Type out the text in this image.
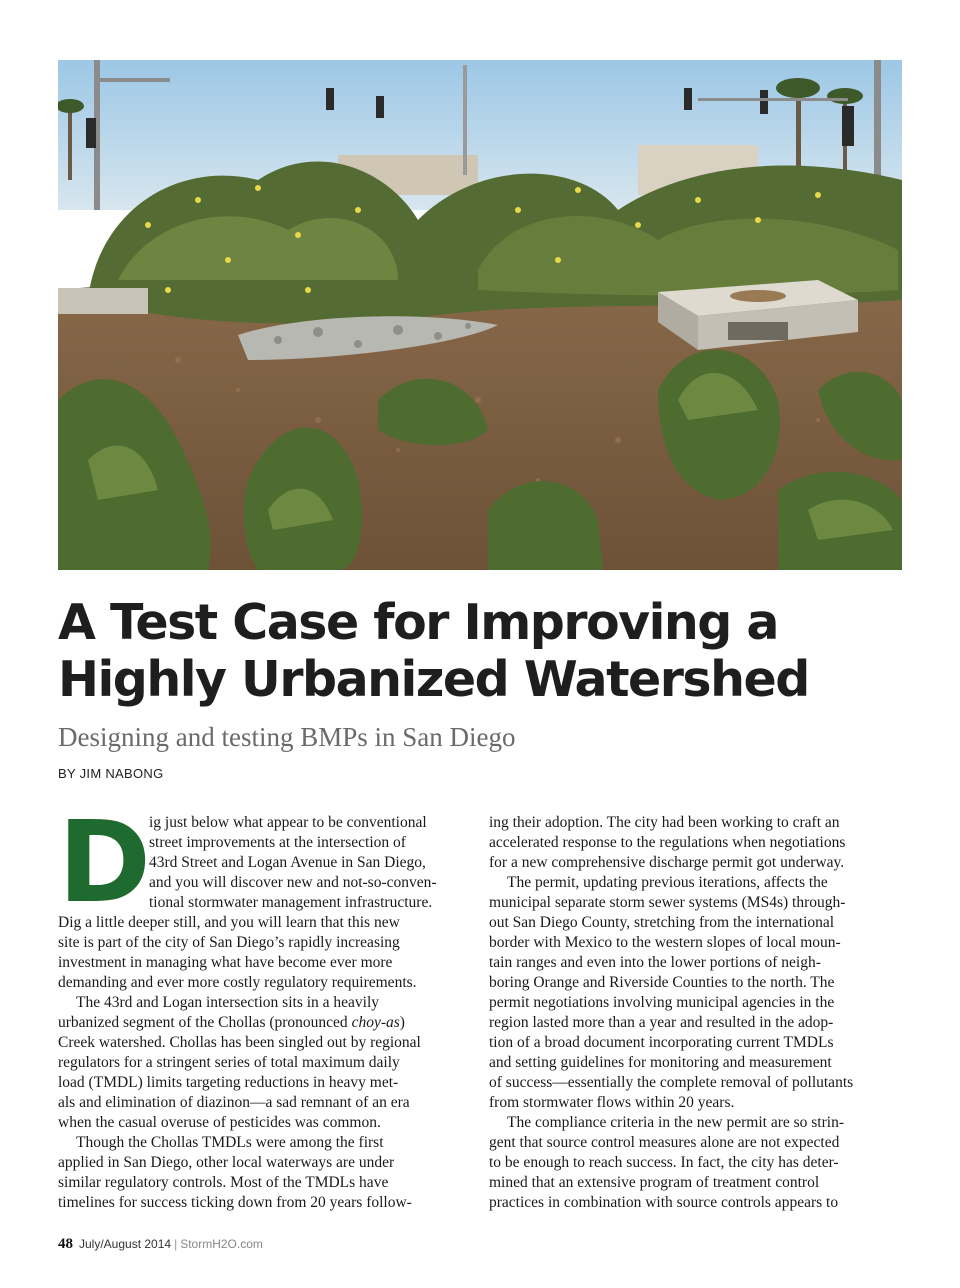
A Test Case for Improving a
Highly Urbanized Watershed
Designing and testing BMPs in San Diego

BY JIM NABONG

D
ig just below what appear to be conventional
street improvements at the intersection of
43rd Street and Logan Avenue in San Diego,
and you will discover new and not-so-conven-
tional stormwater management infrastructure.
Dig a little deeper still, and you will learn that this new
site is part of the city of San Diego’s rapidly increasing
investment in managing what have become ever more
demanding and ever more costly regulatory requirements.
The 43rd and Logan intersection sits in a heavily
urbanized segment of the Chollas (pronounced choy-as)
Creek watershed. Chollas has been singled out by regional
regulators for a stringent series of total maximum daily
load (TMDL) limits targeting reductions in heavy met-
als and elimination of diazinon—a sad remnant of an era
when the casual overuse of pesticides was common.
Though the Chollas TMDLs were among the first
applied in San Diego, other local waterways are under
similar regulatory controls. Most of the TMDLs have
timelines for success ticking down from 20 years follow-
ing their adoption. The city had been working to craft an
accelerated response to the regulations when negotiations
for a new comprehensive discharge permit got underway.
The permit, updating previous iterations, affects the
municipal separate storm sewer systems (MS4s) through-
out San Diego County, stretching from the international
border with Mexico to the western slopes of local moun-
tain ranges and even into the lower portions of neigh-
boring Orange and Riverside Counties to the north. The
permit negotiations involving municipal agencies in the
region lasted more than a year and resulted in the adop-
tion of a broad document incorporating current TMDLs
and setting guidelines for monitoring and measurement
of success—essentially the complete removal of pollutants
from stormwater flows within 20 years.
The compliance criteria in the new permit are so strin-
gent that source control measures alone are not expected
to be enough to reach success. In fact, the city has deter-
mined that an extensive program of treatment control
practices in combination with source controls appears to
48 July/August 2014 | StormH2O.com
